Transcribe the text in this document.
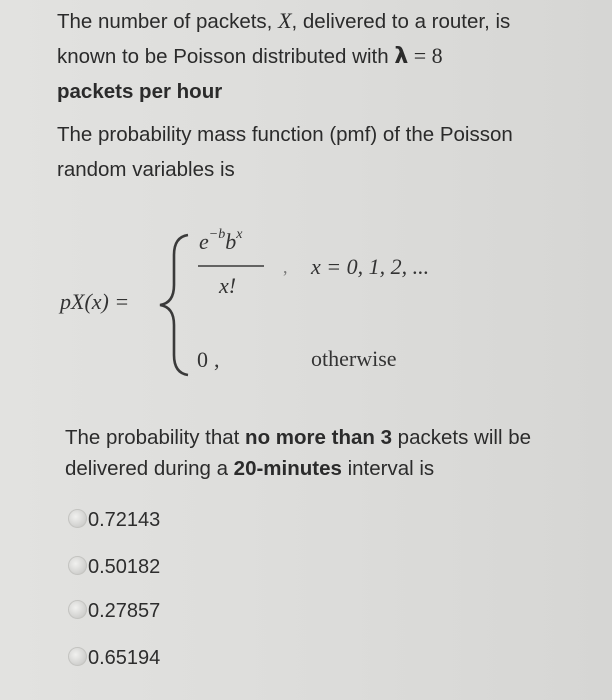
The number of packets, X, delivered to a router, is
known to be Poisson distributed with λ = 8
packets per hour
The probability mass function (pmf) of the Poisson
random variables is
pX(x) =
$e^{-b}b^x$
x!
, x = 0, 1, 2, ...
0 ,	otherwise
The probability that no more than 3 packets will be
delivered during a 20-minutes interval is
0.72143
0.50182
0.27857
0.65194
